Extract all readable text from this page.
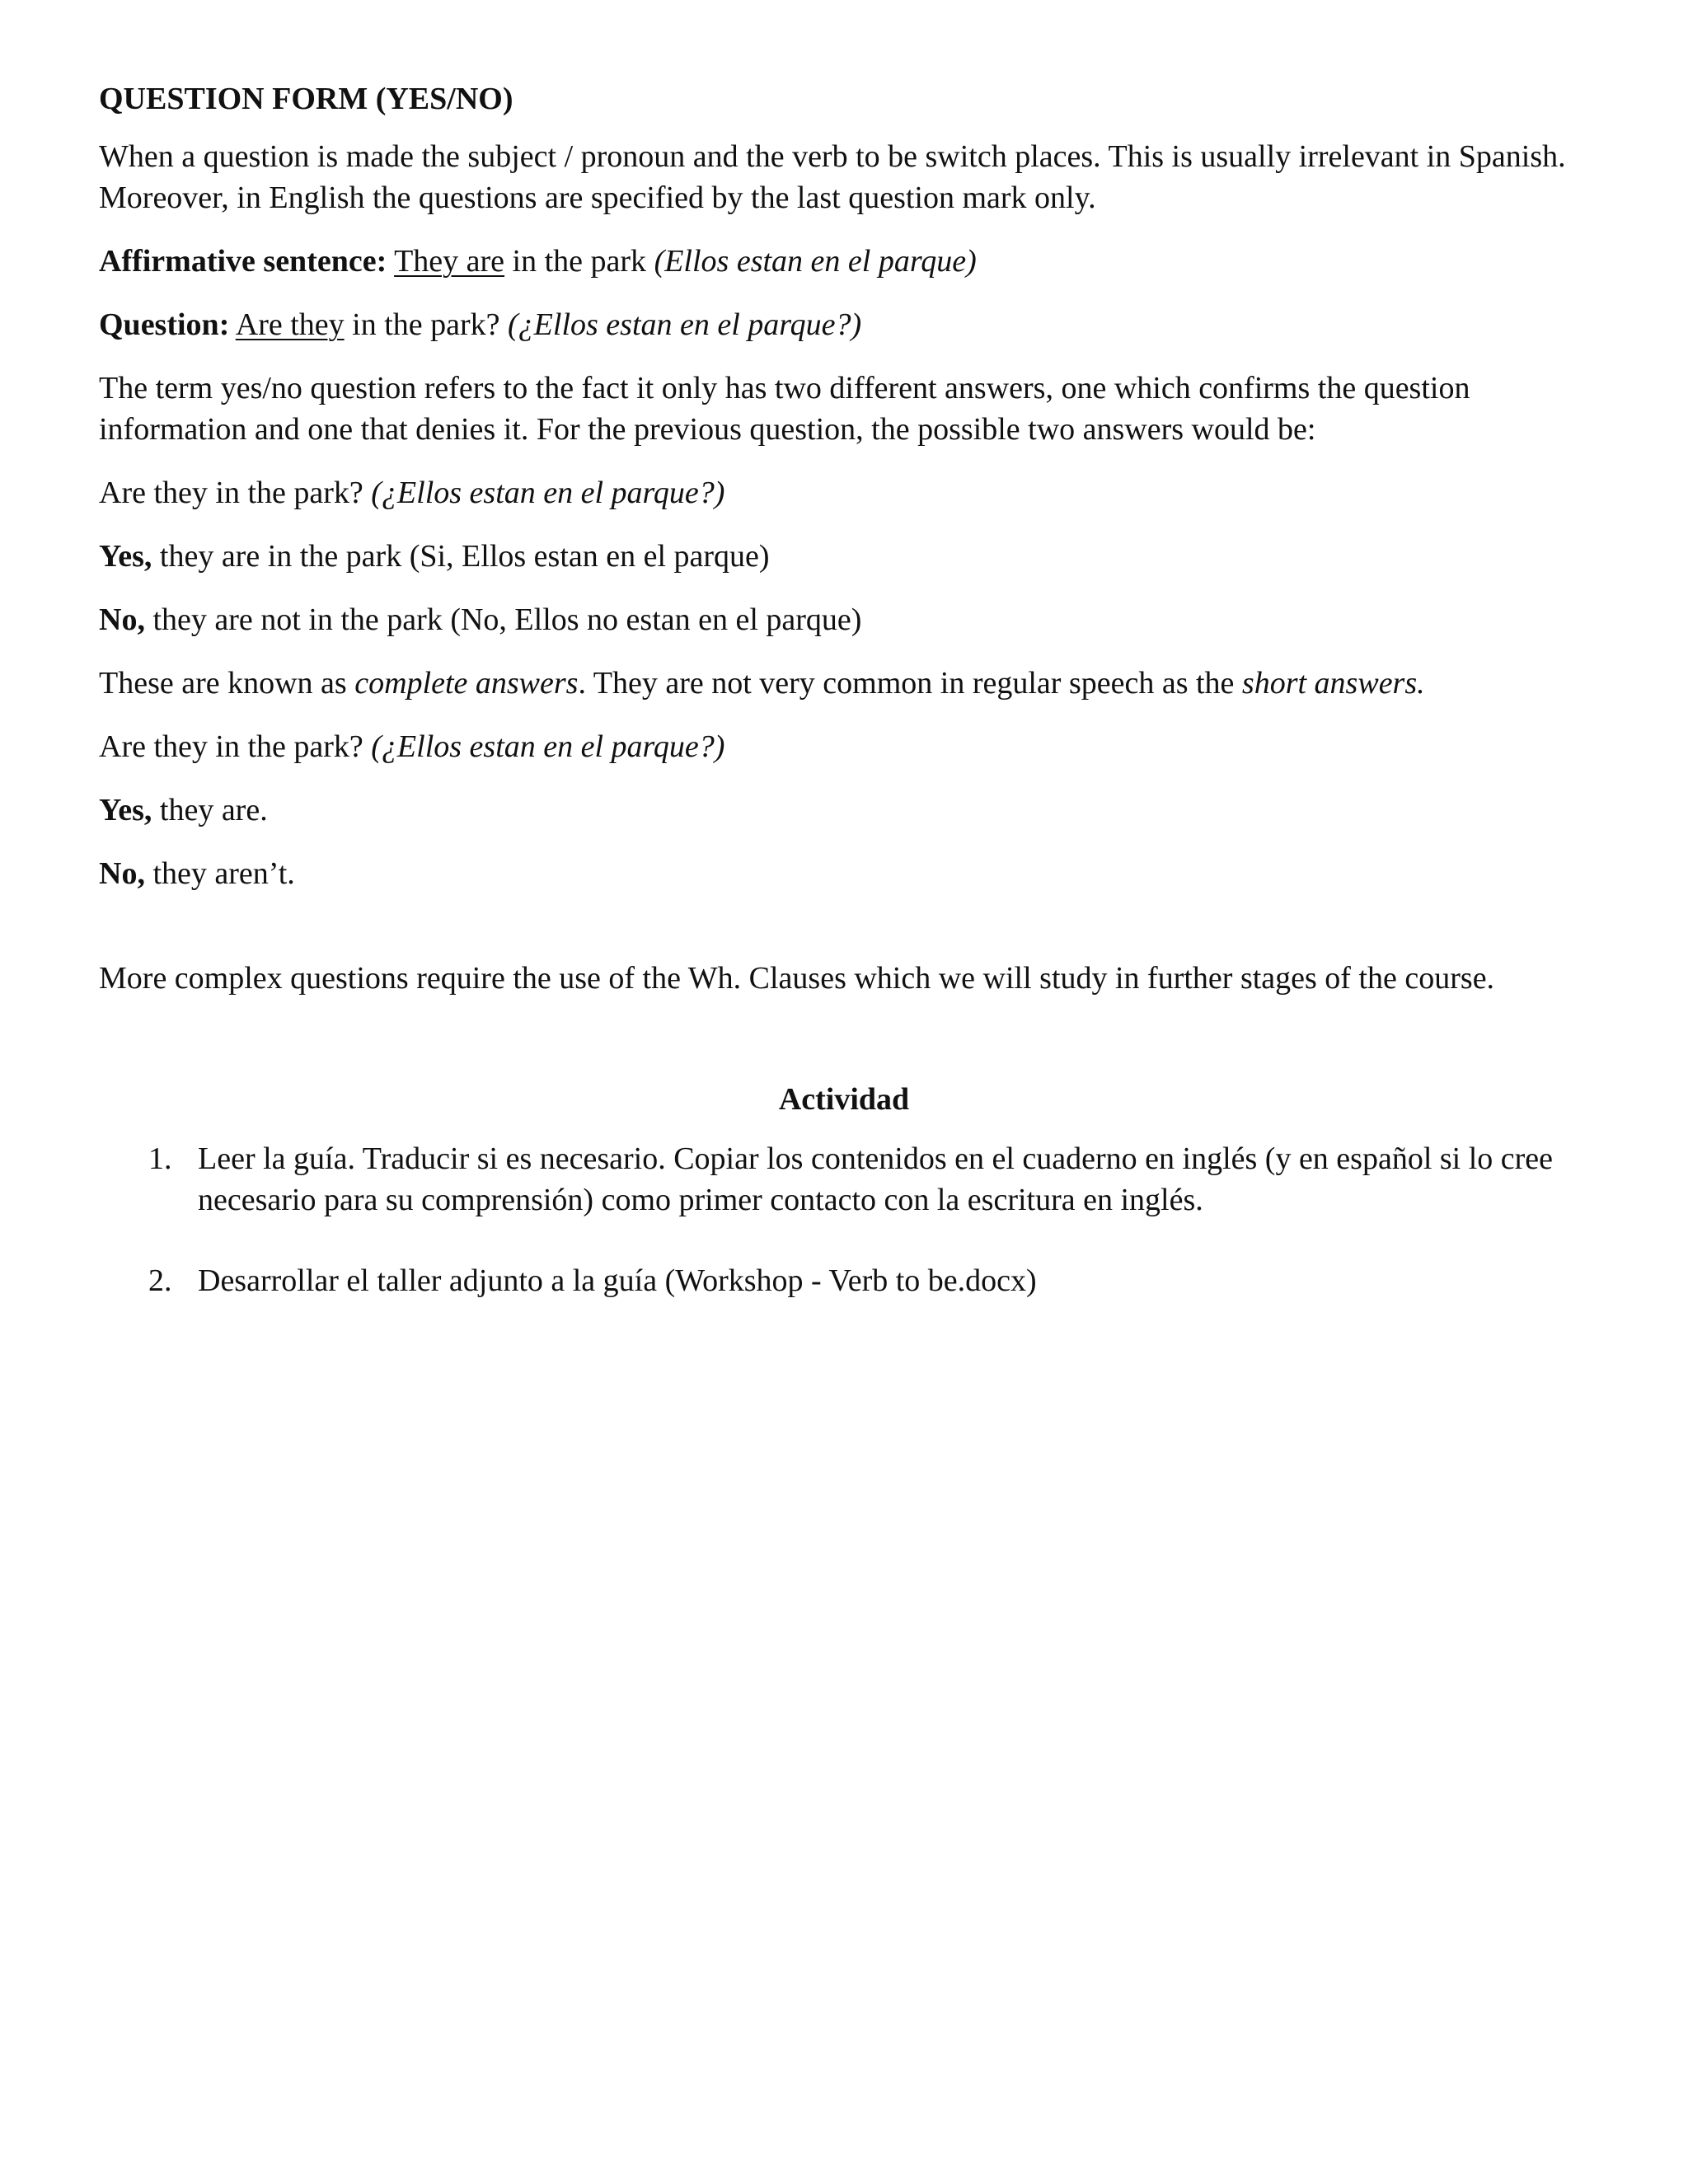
QUESTION FORM (YES/NO)
When a question is made the subject / pronoun and the verb to be switch places. This is usually irrelevant in Spanish. Moreover, in English the questions are specified by the last question mark only.
Affirmative sentence: They are in the park (Ellos estan en el parque)
Question: Are they in the park? (¿Ellos estan en el parque?)
The term yes/no question refers to the fact it only has two different answers, one which confirms the question information and one that denies it. For the previous question, the possible two answers would be:
Are they in the park? (¿Ellos estan en el parque?)
Yes, they are in the park (Si, Ellos estan en el parque)
No, they are not in the park (No, Ellos no estan en el parque)
These are known as complete answers. They are not very common in regular speech as the short answers.
Are they in the park? (¿Ellos estan en el parque?)
Yes, they are.
No, they aren’t.
More complex questions require the use of the Wh. Clauses which we will study in further stages of the course.
Actividad
1. Leer la guía. Traducir si es necesario. Copiar los contenidos en el cuaderno en inglés (y en español si lo cree necesario para su comprensión) como primer contacto con la escritura en inglés.
2. Desarrollar el taller adjunto a la guía (Workshop - Verb to be.docx)
